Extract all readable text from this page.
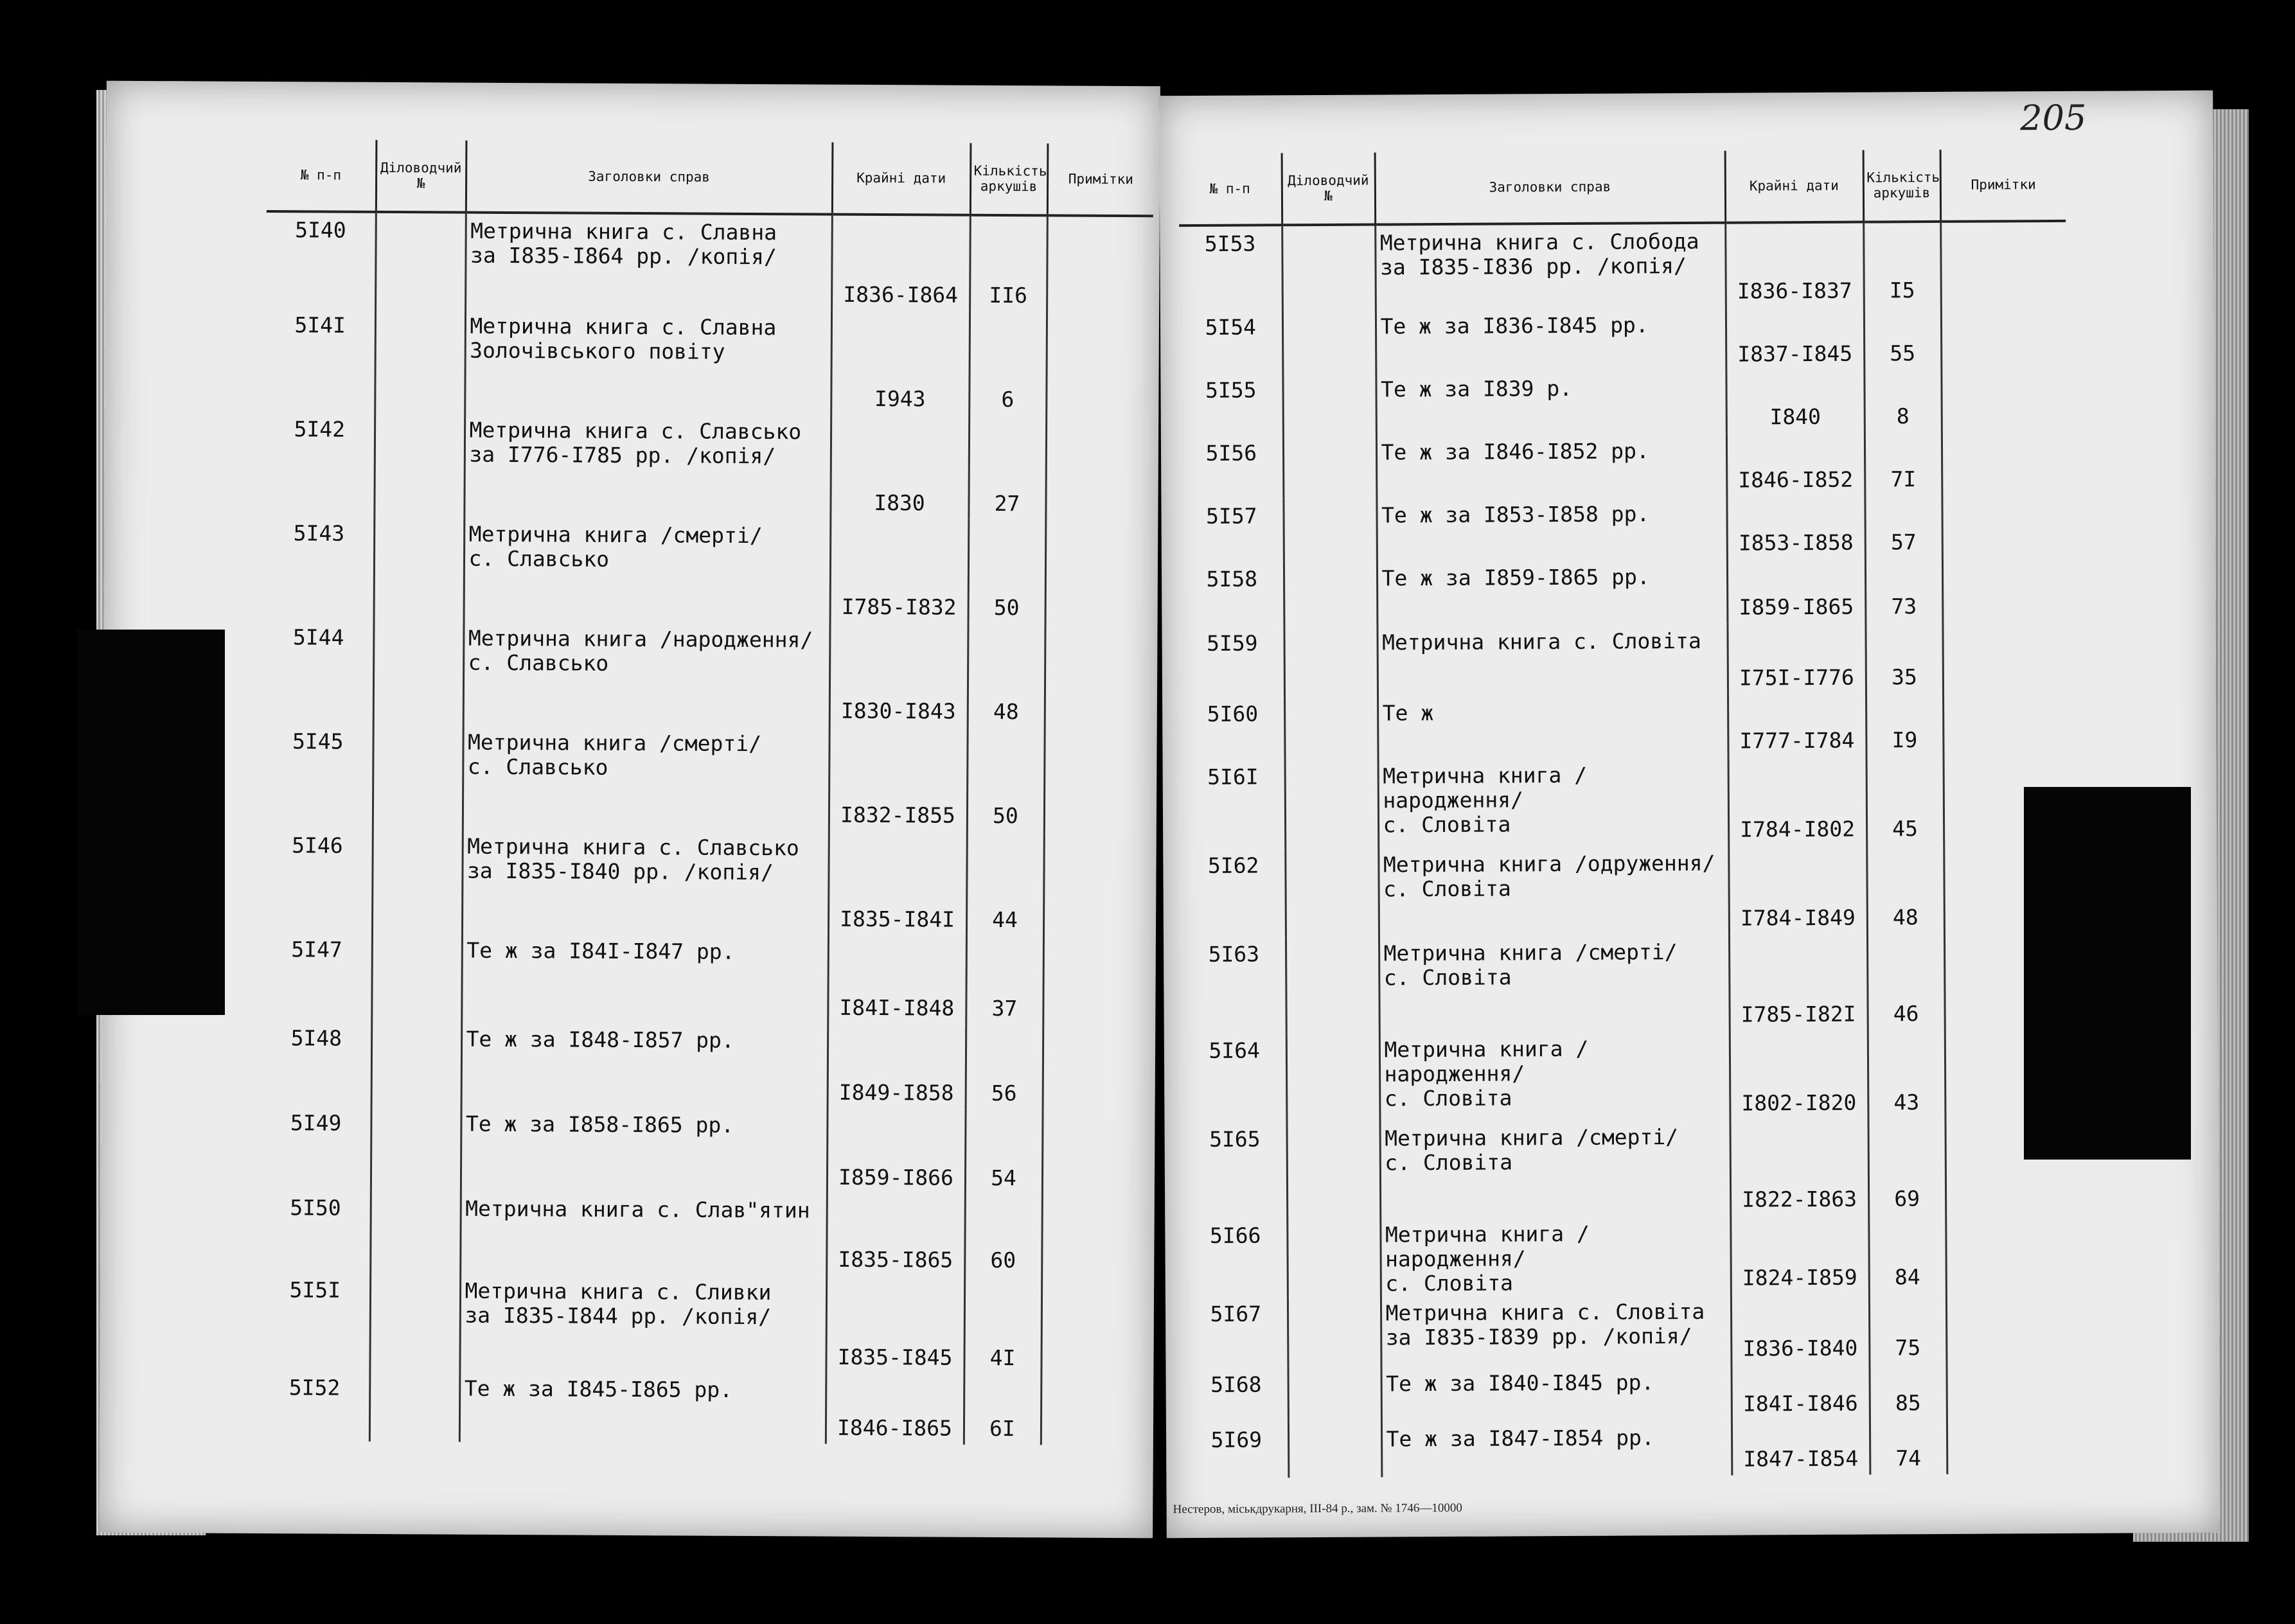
№ п-п	Діловодчий №	Заголовки справ	Крайні дати	Кількість аркушів	Примітки
5I40		Метрична книга с. Славна
за I835-I864 рр. /копія/	I836-I864	II6	
5I4I		Метрична книга с. Славна
Золочівського повіту	I943	6	
5I42		Метрична книга с. Славсько
за I776-I785 рр. /копія/	I830	27	
5I43		Метрична книга /смерті/
с. Славсько	I785-I832	50	
5I44		Метрична книга /народження/
с. Славсько	I830-I843	48	
5I45		Метрична книга /смерті/
с. Славсько	I832-I855	50	
5I46		Метрична книга с. Славсько
за I835-I840 рр. /копія/	I835-I84I	44	
5I47		Те ж за I84I-I847 рр.	I84I-I848	37	
5I48		Те ж за I848-I857 рр.	I849-I858	56	
5I49		Те ж за I858-I865 рр.	I859-I866	54	
5I50		Метрична книга с. Слав"ятин	I835-I865	60	
5I5I		Метрична книга с. Сливки
за I835-I844 рр. /копія/	I835-I845	4I	
5I52		Те ж за I845-I865 рр.	I846-I865	6I	
№ п-п	Діловодчий №	Заголовки справ	Крайні дати	Кількість аркушів	Примітки
5I53		Метрична книга с. Слобода
за I835-I836 рр. /копія/	I836-I837	I5	
5I54		Те ж за I836-I845 рр.	I837-I845	55	
5I55		Те ж за I839 р.	I840	8	
5I56		Те ж за I846-I852 рр.	I846-I852	7I	
5I57		Те ж за I853-I858 рр.	I853-I858	57	
5I58		Те ж за I859-I865 рр.	I859-I865	73	
5I59		Метрична книга с. Словіта	I75I-I776	35	
5I60		Те ж	I777-I784	I9	
5I6I		Метрична книга /народження/
с. Словіта	I784-I802	45	
5I62		Метрична книга /одруження/
с. Словіта	I784-I849	48	
5I63		Метрична книга /смерті/
с. Словіта	I785-I82I	46	
5I64		Метрична книга /народження/
с. Словіта	I802-I820	43	
5I65		Метрична книга /смерті/
с. Словіта	I822-I863	69	
5I66		Метрична книга /народження/
с. Словіта	I824-I859	84	
5I67		Метрична книга с. Словіта
за I835-I839 рр. /копія/	I836-I840	75	
5I68		Те ж за I840-I845 рр.	I84I-I846	85	
5I69		Те ж за I847-I854 рр.	I847-I854	74	
205
Нестеров, міськдрукарня, III-84 р., зам. № 1746—10000
